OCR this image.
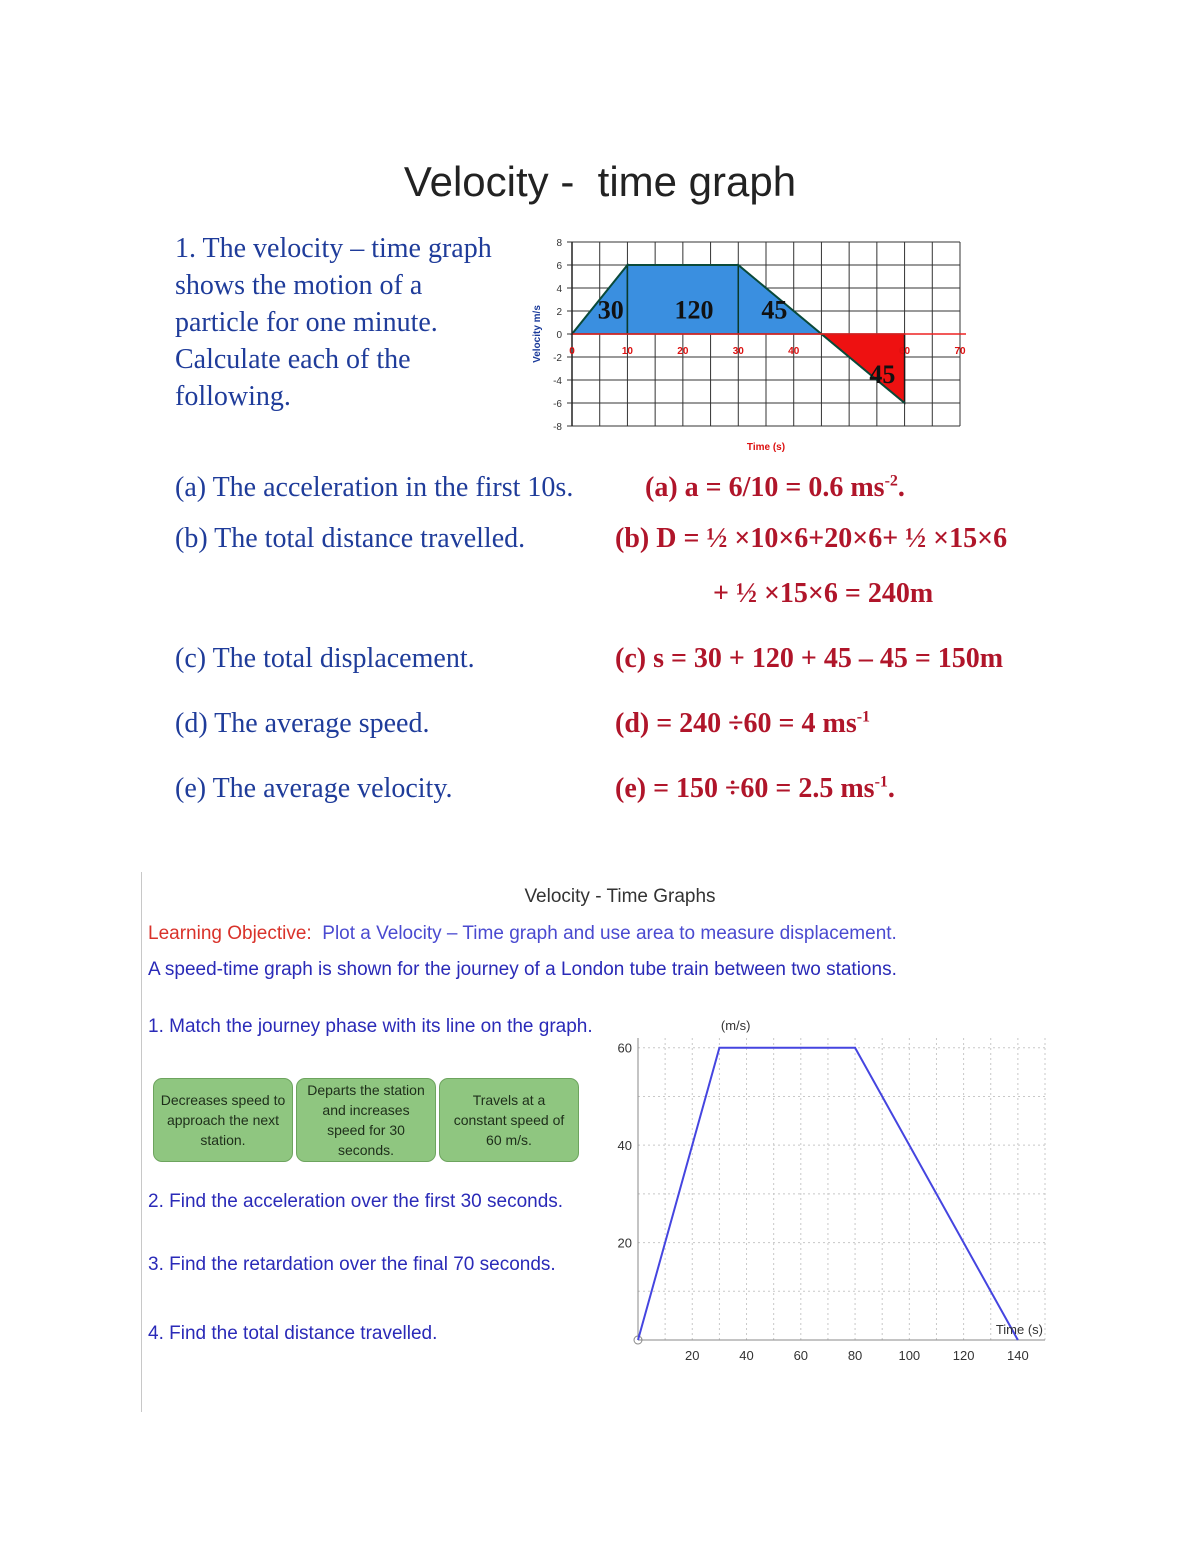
Velocity -  time graph
1. The velocity – time graph shows the motion of a particle for one minute. Calculate each of the following.
8
6
4
2
0
-2
-4
-6
-8
0	10	20	30	40	60	70
Time (s)
Velocity m/s 30 120 45
45
(a) The acceleration in the first 10s.	(a) a = 6/10 = 0.6 $ms^{-2}$.
(b) The total distance travelled.	(b) D = ½ ×10×6+20×6+ ½ ×15×6
+ ½ ×15×6 = 240m
(c) The total displacement.	(c) s = 30 + 120 + 45 – 45 = 150m
(d) The average speed.	(d) = 240 ÷60 = 4 $ms^{-1}$
(e) The average velocity.	(e) = 150 ÷60 = 2.5 $ms^{-1}$.
Velocity - Time Graphs
Learning Objective: Plot a Velocity – Time graph and use area to measure displacement.
A speed-time graph is shown for the journey of a London tube train between two stations.
1. Match the journey phase with its line on the graph.
Decreases speed to approach the next station.
Departs the station and increases speed for 30 seconds.
Travels at a constant speed of 60 m/s.
2. Find the acceleration over the first 30 seconds.
3. Find the retardation over the final 70 seconds.
4. Find the total distance travelled.
20
40
60
20	40	60	80	100	120	140
(m/s)
Time (s)
